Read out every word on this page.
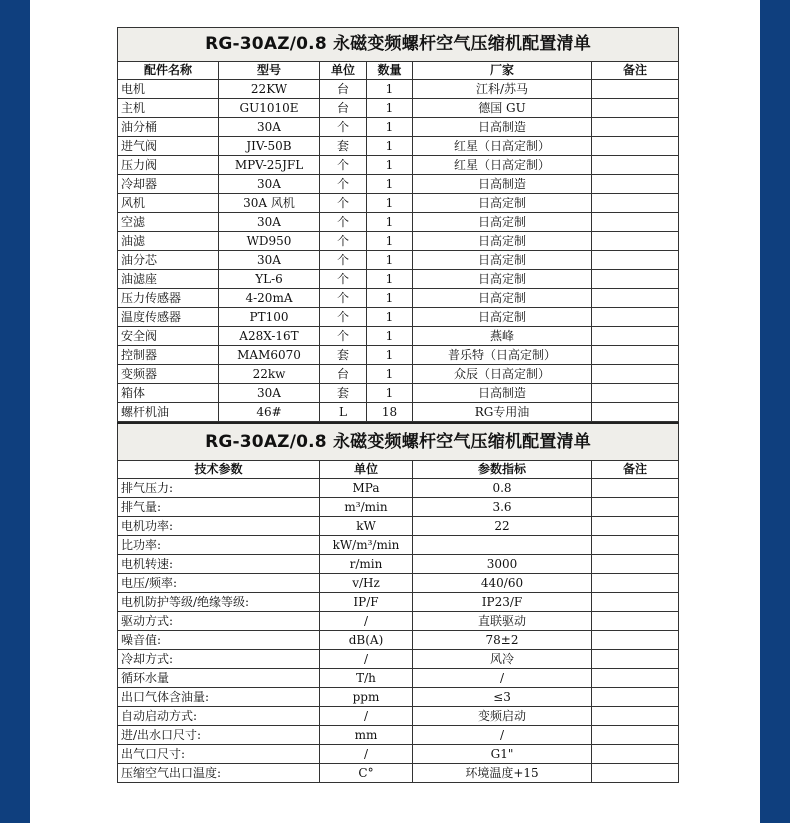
RG-30AZ/0.8 永磁变频螺杆空气压缩机配置清单					
配件名称	型号	单位	数量	厂家	备注
电机	22KW	台	1	江科/苏马	
主机	GU1010E	台	1	德国 GU	
油分桶	30A	个	1	日高制造	
进气阀	JIV-50B	套	1	红星（日高定制）	
压力阀	MPV-25JFL	个	1	红星（日高定制）	
冷却器	30A	个	1	日高制造	
风机	30A 风机	个	1	日高定制	
空滤	30A	个	1	日高定制	
油滤	WD950	个	1	日高定制	
油分芯	30A	个	1	日高定制	
油滤座	YL-6	个	1	日高定制	
压力传感器	4-20mA	个	1	日高定制	
温度传感器	PT100	个	1	日高定制	
安全阀	A28X-16T	个	1	燕峰	
控制器	MAM6070	套	1	普乐特（日高定制）	
变频器	22kw	台	1	众辰（日高定制）	
箱体	30A	套	1	日高制造	
螺杆机油	46#	L	18	RG专用油	
RG-30AZ/0.8 永磁变频螺杆空气压缩机配置清单			
技术参数	单位	参数指标	备注
排气压力:	MPa	0.8	
排气量:	m³/min	3.6	
电机功率:	kW	22	
比功率:	kW/m³/min		
电机转速:	r/min	3000	
电压/频率:	v/Hz	440/60	
电机防护等级/绝缘等级:	IP/F	IP23/F	
驱动方式:	/	直联驱动	
噪音值:	dB(A)	78±2	
冷却方式:	/	风冷	
循环水量	T/h	/	
出口气体含油量:	ppm	≤3	
自动启动方式:	/	变频启动	
进/出水口尺寸:	mm	/	
出气口尺寸:	/	G1"	
压缩空气出口温度:	C°	环境温度+15	
